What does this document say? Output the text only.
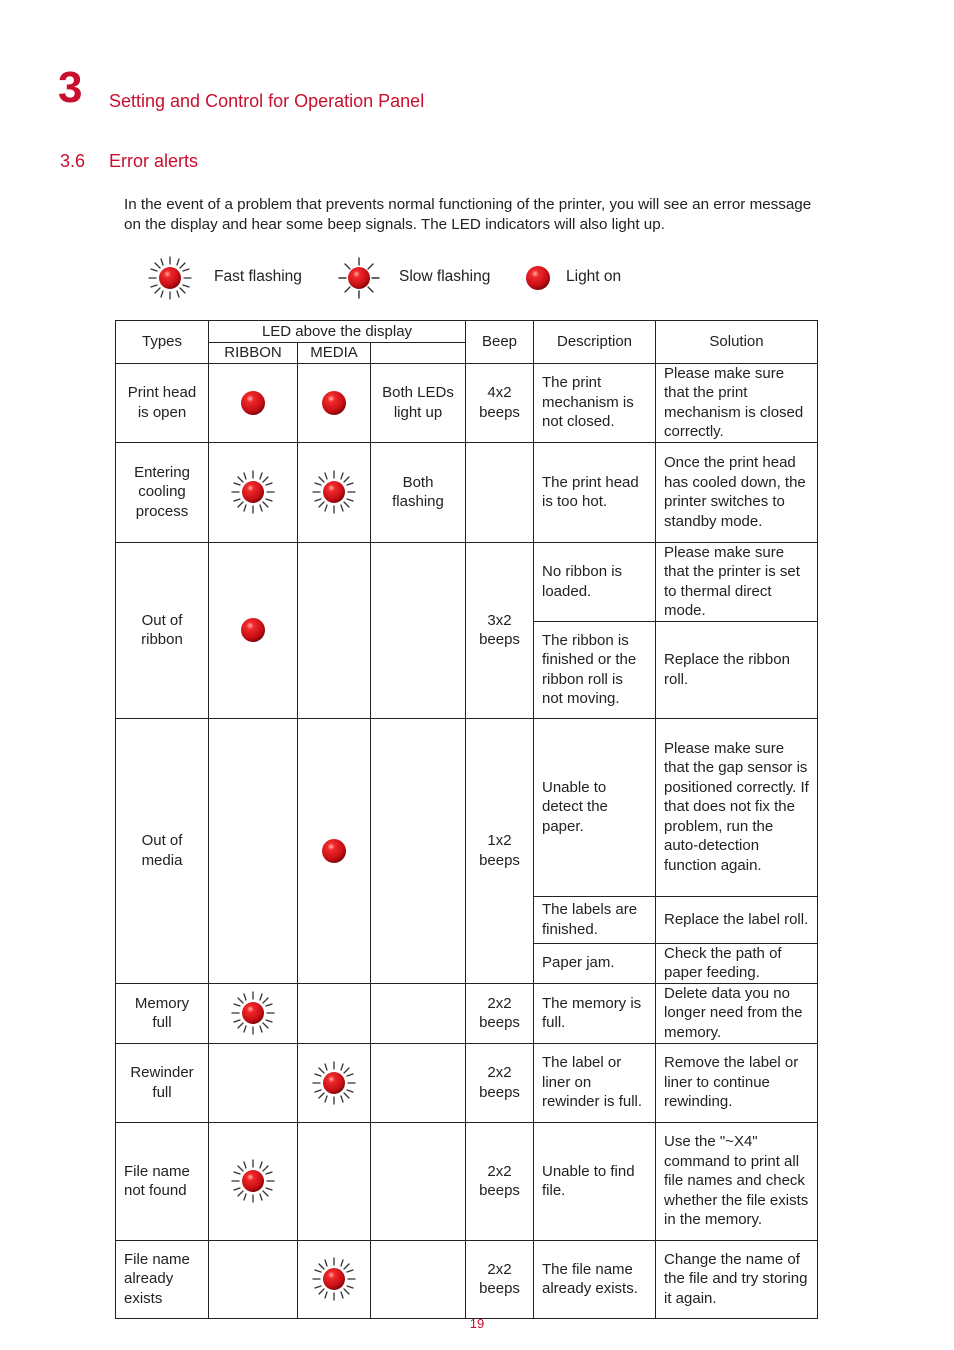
3 Setting and Control for Operation Panel
3.6 Error alerts
In the event of a problem that prevents normal functioning of the printer, you will see an error message on the display and hear some beep signals. The LED indicators will also light up.
Fast flashing	Slow flashing	Light on
Types	LED above the display			Beep	Description	Solution
	RIBBON	MEDIA				
Print head is open			Both LEDs light up	4x2 beeps	The print mechanism is not closed.	Please make sure that the print mechanism is closed correctly.
Entering cooling process			Both flashing		The print head is too hot.	Once the print head has cooled down, the printer switches to standby mode.
Out of ribbon				3x2 beeps	No ribbon is loaded.	Please make sure that the printer is set to thermal direct mode.
					The ribbon is finished or the ribbon roll is not moving.	Replace the ribbon roll.
Out of media				1x2 beeps	Unable to detect the paper.	Please make sure that the gap sensor is positioned correctly. If that does not fix the problem, run the auto-detection function again.
					The labels are finished.	Replace the label roll.
					Paper jam.	Check the path of paper feeding.
Memory full				2x2 beeps	The memory is full.	Delete data you no longer need from the memory.
Rewinder full				2x2 beeps	The label or liner on rewinder is full.	Remove the label or liner to continue rewinding.
File name not found				2x2 beeps	Unable to find file.	Use the "~X4" command to print all file names and check whether the file exists in the memory.
File name already exists				2x2 beeps	The file name already exists.	Change the name of the file and try storing it again.
19
